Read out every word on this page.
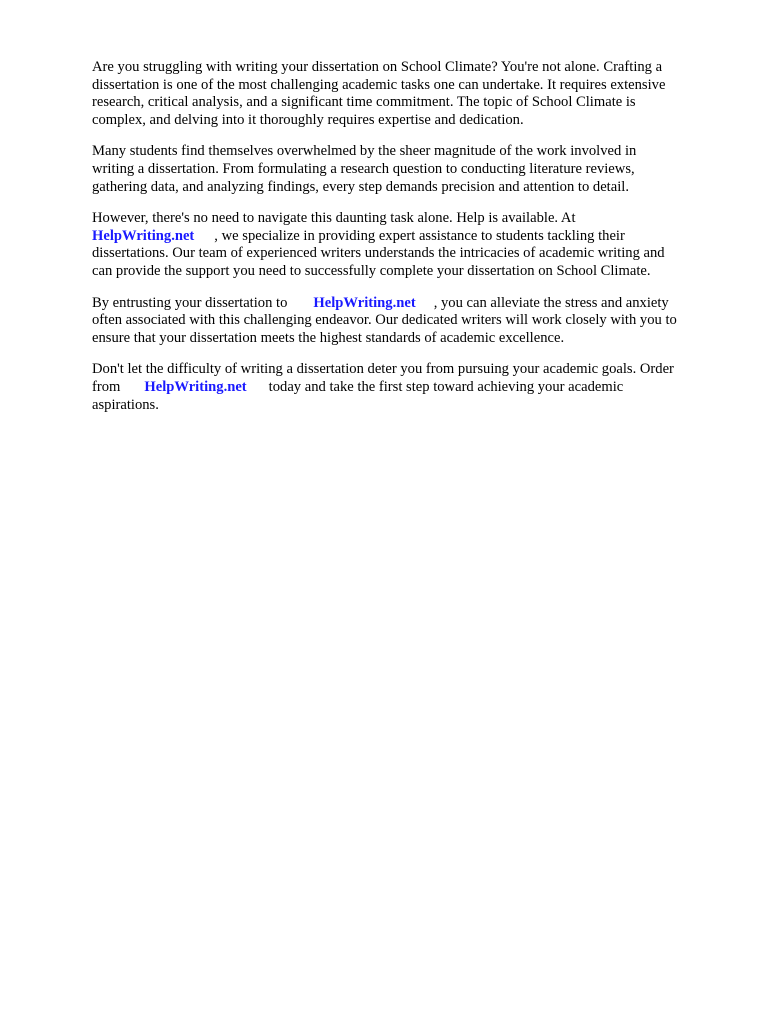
Are you struggling with writing your dissertation on School Climate? You're not alone. Crafting a
dissertation is one of the most challenging academic tasks one can undertake. It requires extensive
research, critical analysis, and a significant time commitment. The topic of School Climate is
complex, and delving into it thoroughly requires expertise and dedication.

Many students find themselves overwhelmed by the sheer magnitude of the work involved in
writing a dissertation. From formulating a research question to conducting literature reviews,
gathering data, and analyzing findings, every step demands precision and attention to detail.

However, there's no need to navigate this daunting task alone. Help is available. At
HelpWriting.net , we specialize in providing expert assistance to students tackling their
dissertations. Our team of experienced writers understands the intricacies of academic writing and
can provide the support you need to successfully complete your dissertation on School Climate.

By entrusting your dissertation to HelpWriting.net , you can alleviate the stress and anxiety
often associated with this challenging endeavor. Our dedicated writers will work closely with you to
ensure that your dissertation meets the highest standards of academic excellence.

Don't let the difficulty of writing a dissertation deter you from pursuing your academic goals. Order
from HelpWriting.net today and take the first step toward achieving your academic
aspirations.
